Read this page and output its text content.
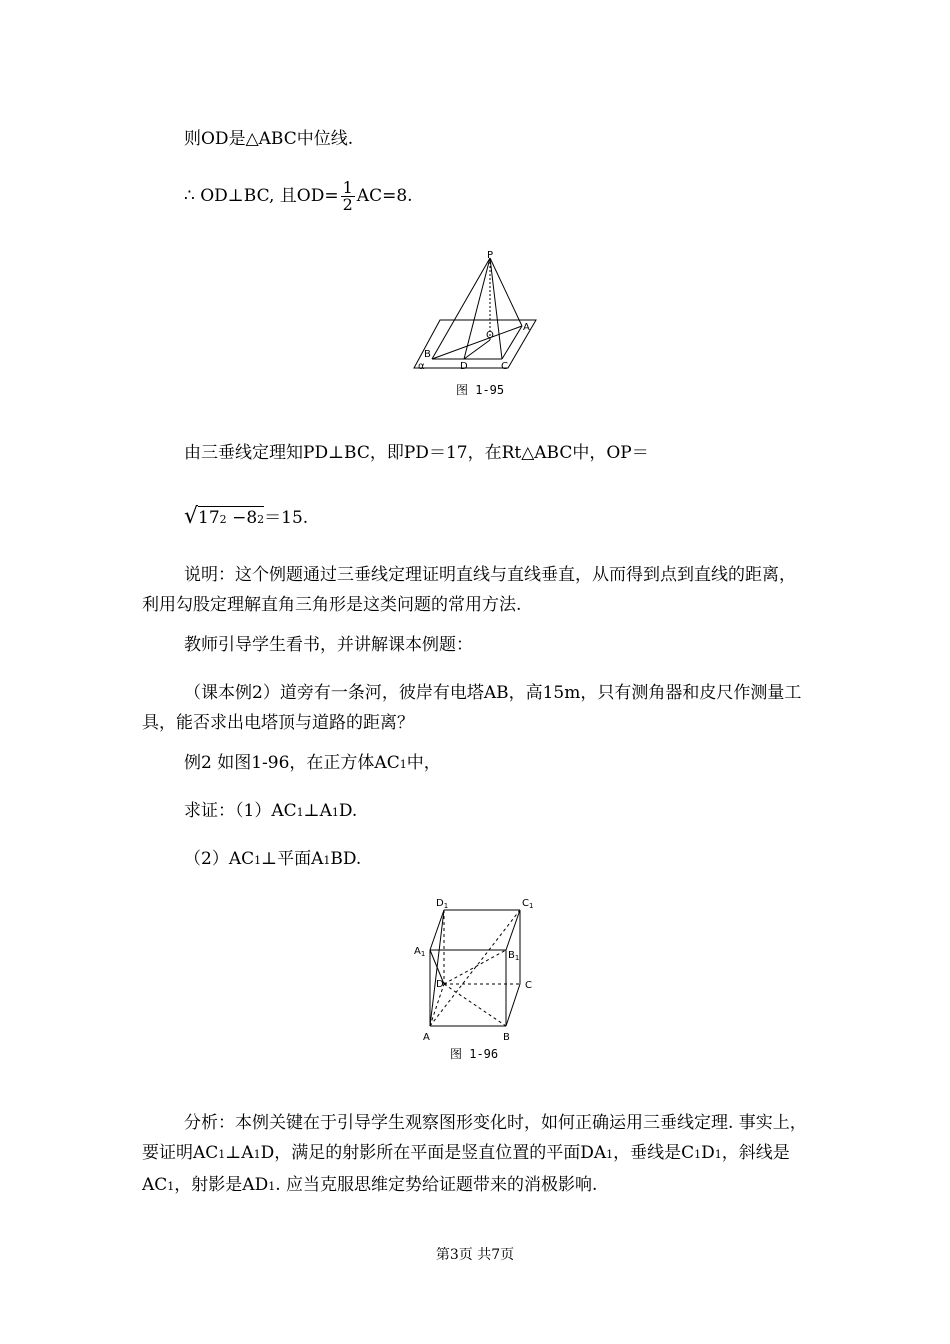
则OD是△ABC中位线.
∴ OD⊥BC, 且$OD= \frac{1}{2} AC=8$.
P
O
A
B
C
D
α
图 1-95
由三垂线定理知PD⊥BC，即PD＝17，在Rt△ABC中，OP＝
√172 −82＝15.
说明：这个例题通过三垂线定理证明直线与直线垂直，从而得到点到直线的距离，利用勾股定理解直角三角形是这类问题的常用方法.
教师引导学生看书，并讲解课本例题：
（课本例2）道旁有一条河，彼岸有电塔AB，高15m，只有测角器和皮尺作测量工具，能否求出电塔顶与道路的距离？
例2 如图1-96，在正方体AC1中，
求证：（1）AC1⊥A1D.
（2）AC1⊥平面A1BD.
$D_1$	$C_1$
$A_1$	$B_1$
D	C
A	B
图 1-96
分析：本例关键在于引导学生观察图形变化时，如何正确运用三垂线定理. 事实上，要证明AC1⊥A1D，满足的射影所在平面是竖直位置的平面DA1，垂线是C1D1，斜线是AC1，射影是AD1. 应当克服思维定势给证题带来的消极影响.
第3页 共7页
